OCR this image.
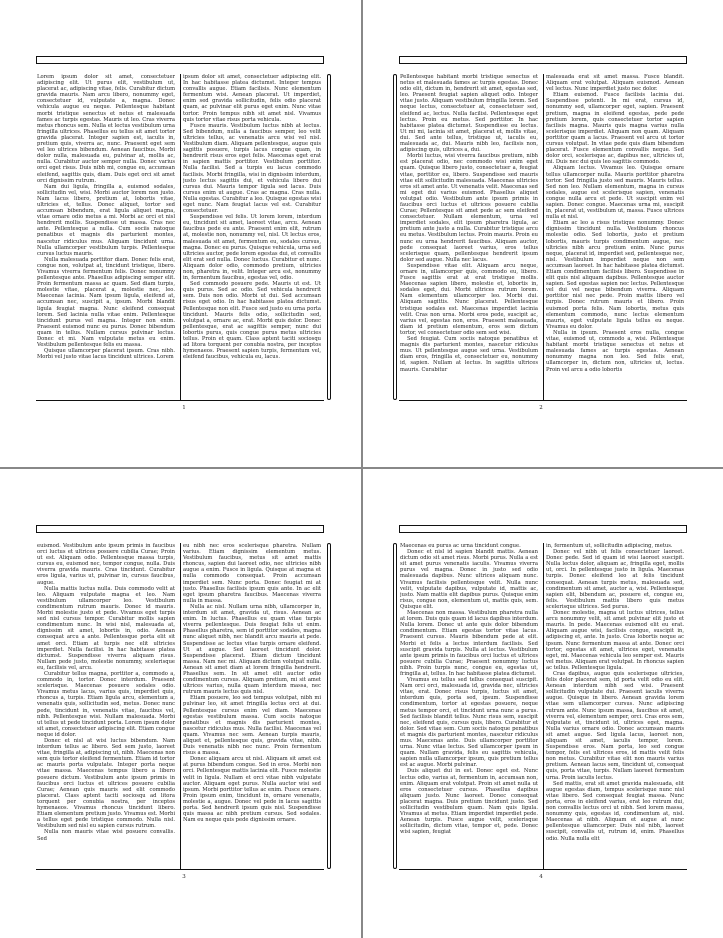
Lorem ipsum dolor sit amet, consectetuer adipiscing elit. Ut purus elit, vestibulum ut, placerat ac, adipiscing vitae, felis. Curabitur dictum gravida mauris. Nam arcu libero, nonummy eget, consectetuer id, vulputate a, magna. Donec vehicula augue eu neque. Pellentesque habitant morbi tristique senectus et netus et malesuada fames ac turpis egestas. Mauris ut leo. Cras viverra metus rhoncus sem. Nulla et lectus vestibulum urna fringilla ultrices. Phasellus eu tellus sit amet tortor gravida placerat. Integer sapien est, iaculis in, pretium quis, viverra ac, nunc. Praesent eget sem vel leo ultrices bibendum. Aenean faucibus. Morbi dolor nulla, malesuada eu, pulvinar at, mollis ac, nulla. Curabitur auctor semper nulla. Donec varius orci eget risus. Duis nibh mi, congue eu, accumsan eleifend, sagittis quis, diam. Duis eget orci sit amet orci dignissim rutrum.

Nam dui ligula, fringilla a, euismod sodales, sollicitudin vel, wisi. Morbi auctor lorem non justo. Nam lacus libero, pretium at, lobortis vitae, ultricies et, tellus. Donec aliquet, tortor sed accumsan bibendum, erat ligula aliquet magna, vitae ornare odio metus a mi. Morbi ac orci et nisl hendrerit mollis. Suspendisse ut massa. Cras nec ante. Pellentesque a nulla. Cum sociis natoque penatibus et magnis dis parturient montes, nascetur ridiculus mus. Aliquam tincidunt urna. Nulla ullamcorper vestibulum turpis. Pellentesque cursus luctus mauris.

Nulla malesuada porttitor diam. Donec felis erat, congue non, volutpat at, tincidunt tristique, libero. Vivamus viverra fermentum felis. Donec nonummy pellentesque ante. Phasellus adipiscing semper elit. Proin fermentum massa ac quam. Sed diam turpis, molestie vitae, placerat a, molestie nec, leo. Maecenas lacinia. Nam ipsum ligula, eleifend at, accumsan nec, suscipit a, ipsum. Morbi blandit ligula feugiat magna. Nunc eleifend consequat lorem. Sed lacinia nulla vitae enim. Pellentesque tincidunt purus vel magna. Integer non enim. Praesent euismod nunc eu purus. Donec bibendum quam in tellus. Nullam cursus pulvinar lectus. Donec et mi. Nam vulputate metus eu enim. Vestibulum pellentesque felis eu massa.

Quisque ullamcorper placerat ipsum. Cras nibh. Morbi vel justo vitae lacus tincidunt ultrices. Lorem

ipsum dolor sit amet, consectetuer adipiscing elit. In hac habitasse platea dictumst. Integer tempus convallis augue. Etiam facilisis. Nunc elementum fermentum wisi. Aenean placerat. Ut imperdiet, enim sed gravida sollicitudin, felis odio placerat quam, ac pulvinar elit purus eget enim. Nunc vitae tortor. Proin tempus nibh sit amet nisl. Vivamus quis tortor vitae risus porta vehicula.

Fusce mauris. Vestibulum luctus nibh at lectus. Sed bibendum, nulla a faucibus semper, leo velit ultricies tellus, ac venenatis arcu wisi vel nisl. Vestibulum diam. Aliquam pellentesque, augue quis sagittis posuere, turpis lacus congue quam, in hendrerit risus eros eget felis. Maecenas eget erat in sapien mattis porttitor. Vestibulum porttitor. Nulla facilisi. Sed a turpis eu lacus commodo facilisis. Morbi fringilla, wisi in dignissim interdum, justo lectus sagittis dui, et vehicula libero dui cursus dui. Mauris tempor ligula sed lacus. Duis cursus enim ut augue. Cras ac magna. Cras nulla. Nulla egestas. Curabitur a leo. Quisque egestas wisi eget nunc. Nam feugiat lacus vel est. Curabitur consectetuer.

Suspendisse vel felis. Ut lorem lorem, interdum eu, tincidunt sit amet, laoreet vitae, arcu. Aenean faucibus pede eu ante. Praesent enim elit, rutrum at, molestie non, nonummy vel, nisl. Ut lectus eros, malesuada sit amet, fermentum eu, sodales cursus, magna. Donec eu purus. Quisque vehicula, urna sed ultricies auctor, pede lorem egestas dui, et convallis elit erat sed nulla. Donec luctus. Curabitur et nunc. Aliquam dolor odio, commodo pretium, ultricies non, pharetra in, velit. Integer arcu est, nonummy in, fermentum faucibus, egestas vel, odio.

Sed commodo posuere pede. Mauris ut est. Ut quis purus. Sed ac odio. Sed vehicula hendrerit sem. Duis non odio. Morbi ut dui. Sed accumsan risus eget odio. In hac habitasse platea dictumst. Pellentesque non elit. Fusce sed justo eu urna porta tincidunt. Mauris felis odio, sollicitudin sed, volutpat a, ornare ac, erat. Morbi quis dolor. Donec pellentesque, erat ac sagittis semper, nunc dui lobortis purus, quis congue purus metus ultricies tellus. Proin et quam. Class aptent taciti sociosqu ad litora torquent per conubia nostra, per inceptos hymenaeos. Praesent sapien turpis, fermentum vel, eleifend faucibus, vehicula eu, lacus.

1

Pellentesque habitant morbi tristique senectus et netus et malesuada fames ac turpis egestas. Donec odio elit, dictum in, hendrerit sit amet, egestas sed, leo. Praesent feugiat sapien aliquet odio. Integer vitae justo. Aliquam vestibulum fringilla lorem. Sed neque lectus, consectetuer at, consectetuer sed, eleifend ac, lectus. Nulla facilisi. Pellentesque eget lectus. Proin eu metus. Sed porttitor. In hac habitasse platea dictumst. Suspendisse eu lectus. Ut mi mi, lacinia sit amet, placerat et, mollis vitae, dui. Sed ante tellus, tristique ut, iaculis eu, malesuada ac, dui. Mauris nibh leo, facilisis non, adipiscing quis, ultrices a, dui.

Morbi luctus, wisi viverra faucibus pretium, nibh est placerat odio, nec commodo wisi enim eget quam. Quisque libero justo, consectetuer a, feugiat vitae, porttitor eu, libero. Suspendisse sed mauris vitae elit sollicitudin malesuada. Maecenas ultricies eros sit amet ante. Ut venenatis velit. Maecenas sed mi eget dui varius euismod. Phasellus aliquet volutpat odio. Vestibulum ante ipsum primis in faucibus orci luctus et ultrices posuere cubilia Curae; Pellentesque sit amet pede ac sem eleifend consectetuer. Nullam elementum, urna vel imperdiet sodales, elit ipsum pharetra ligula, ac pretium ante justo a nulla. Curabitur tristique arcu eu metus. Vestibulum lectus. Proin mauris. Proin eu nunc eu urna hendrerit faucibus. Aliquam auctor, pede consequat laoreet varius, eros tellus scelerisque quam, pellentesque hendrerit ipsum dolor sed augue. Nulla nec lacus.

Suspendisse vitae elit. Aliquam arcu neque, ornare in, ullamcorper quis, commodo eu, libero. Fusce sagittis erat at erat tristique mollis. Maecenas sapien libero, molestie et, lobortis in, sodales eget, dui. Morbi ultrices rutrum lorem. Nam elementum ullamcorper leo. Morbi dui. Aliquam sagittis. Nunc placerat. Pellentesque tristique sodales est. Maecenas imperdiet lacinia velit. Cras non urna. Morbi eros pede, suscipit ac, varius vel, egestas non, eros. Praesent malesuada, diam id pretium elementum, eros sem dictum tortor, vel consectetuer odio sem sed wisi.

Sed feugiat. Cum sociis natoque penatibus et magnis dis parturient montes, nascetur ridiculus mus. Ut pellentesque augue sed urna. Vestibulum diam eros, fringilla et, consectetuer eu, nonummy id, sapien. Nullam at lectus. In sagittis ultrices mauris. Curabitur

malesuada erat sit amet massa. Fusce blandit. Aliquam erat volutpat. Aliquam euismod. Aenean vel lectus. Nunc imperdiet justo nec dolor.

Etiam euismod. Fusce facilisis lacinia dui. Suspendisse potenti. In mi erat, cursus id, nonummy sed, ullamcorper eget, sapien. Praesent pretium, magna in eleifend egestas, pede pede pretium lorem, quis consectetuer tortor sapien facilisis magna. Mauris quis magna varius nulla scelerisque imperdiet. Aliquam non quam. Aliquam porttitor quam a lacus. Praesent vel arcu ut tortor cursus volutpat. In vitae pede quis diam bibendum placerat. Fusce elementum convallis neque. Sed dolor orci, scelerisque ac, dapibus nec, ultricies ut, mi. Duis nec dui quis leo sagittis commodo.

Aliquam lectus. Vivamus leo. Quisque ornare tellus ullamcorper nulla. Mauris porttitor pharetra tortor. Sed fringilla justo sed mauris. Mauris tellus. Sed non leo. Nullam elementum, magna in cursus sodales, augue est scelerisque sapien, venenatis congue nulla arcu et pede. Ut suscipit enim vel sapien. Donec congue. Maecenas urna mi, suscipit in, placerat ut, vestibulum ut, massa. Fusce ultrices nulla et nisl.

Etiam ac leo a risus tristique nonummy. Donec dignissim tincidunt nulla. Vestibulum rhoncus molestie odio. Sed lobortis, justo et pretium lobortis, mauris turpis condimentum augue, nec ultricies nibh arcu pretium enim. Nunc purus neque, placerat id, imperdiet sed, pellentesque nec, nisl. Vestibulum imperdiet neque non sem accumsan laoreet. In hac habitasse platea dictumst. Etiam condimentum facilisis libero. Suspendisse in elit quis nisl aliquam dapibus. Pellentesque auctor sapien. Sed egestas sapien nec lectus. Pellentesque vel dui vel neque bibendum viverra. Aliquam porttitor nisl nec pede. Proin mattis libero vel turpis. Donec rutrum mauris et libero. Proin euismod porta felis. Nam lobortis, metus quis elementum commodo, nunc lectus elementum mauris, eget vulputate ligula tellus eu neque. Vivamus eu dolor.

Nulla in ipsum. Praesent eros nulla, congue vitae, euismod ut, commodo a, wisi. Pellentesque habitant morbi tristique senectus et netus et malesuada fames ac turpis egestas. Aenean nonummy magna non leo. Sed felis erat, ullamcorper in, dictum non, ultricies ut, lectus. Proin vel arcu a odio lobortis

2

euismod. Vestibulum ante ipsum primis in faucibus orci luctus et ultrices posuere cubilia Curae; Proin ut est. Aliquam odio. Pellentesque massa turpis, cursus eu, euismod nec, tempor congue, nulla. Duis viverra gravida mauris. Cras tincidunt. Curabitur eros ligula, varius ut, pulvinar in, cursus faucibus, augue.

Nulla mattis luctus nulla. Duis commodo velit at leo. Aliquam vulputate magna et leo. Nam vestibulum ullamcorper leo. Vestibulum condimentum rutrum mauris. Donec id mauris. Morbi molestie justo et pede. Vivamus eget turpis sed nisl cursus tempor. Curabitur mollis sapien condimentum nunc. In wisi nisl, malesuada at, dignissim sit amet, lobortis in, odio. Aenean consequat arcu a ante. Pellentesque porta elit sit amet orci. Etiam at turpis nec elit ultricies imperdiet. Nulla facilisi. In hac habitasse platea dictumst. Suspendisse viverra aliquam risus. Nullam pede justo, molestie nonummy, scelerisque eu, facilisis vel, arcu.

Curabitur tellus magna, porttitor a, commodo a, commodo in, tortor. Donec interdum. Praesent scelerisque. Maecenas posuere sodales odio. Vivamus metus lacus, varius quis, imperdiet quis, rhoncus a, turpis. Etiam ligula arcu, elementum a, venenatis quis, sollicitudin sed, metus. Donec nunc pede, tincidunt in, venenatis vitae, faucibus vel, nibh. Pellentesque wisi. Nullam malesuada. Morbi ut tellus ut pede tincidunt porta. Lorem ipsum dolor sit amet, consectetuer adipiscing elit. Etiam congue neque id dolor.

Donec et nisl at wisi luctus bibendum. Nam interdum tellus ac libero. Sed sem justo, laoreet vitae, fringilla at, adipiscing ut, nibh. Maecenas non sem quis tortor eleifend fermentum. Etiam id tortor ac mauris porta vulputate. Integer porta neque vitae massa. Maecenas tempus libero a libero posuere dictum. Vestibulum ante ipsum primis in faucibus orci luctus et ultrices posuere cubilia Curae; Aenean quis mauris sed elit commodo placerat. Class aptent taciti sociosqu ad litora torquent per conubia nostra, per inceptos hymenaeos. Vivamus rhoncus tincidunt libero. Etiam elementum pretium justo. Vivamus est. Morbi a tellus eget pede tristique commodo. Nulla nisl. Vestibulum sed nisl eu sapien cursus rutrum.

Nulla non mauris vitae wisi posuere convallis. Sed

eu nibh nec eros scelerisque pharetra. Nullam varius. Etiam dignissim elementum metus. Vestibulum faucibus, metus sit amet mattis rhoncus, sapien dui laoreet odio, nec ultricies nibh augue a enim. Fusce in ligula. Quisque at magna et nulla commodo consequat. Proin accumsan imperdiet sem. Nunc porta. Donec feugiat mi at justo. Phasellus facilisis ipsum quis ante. In ac elit eget ipsum pharetra faucibus. Maecenas viverra nulla in massa.

Nulla ac nisl. Nullam urna nibh, ullamcorper in, interdum sit amet, gravida ut, risus. Aenean ac enim. In luctus. Phasellus eu quam vitae turpis viverra pellentesque. Duis feugiat felis ut enim. Phasellus pharetra, sem id porttitor sodales, magna nunc aliquet nibh, nec blandit arcu mauris at pede. Suspendisse ac lectus vitae turpis ornare eleifend. Ut at augue. Sed laoreet tincidunt dolor. Suspendisse placerat. Etiam dictum tincidunt massa. Nam nec mi. Aliquam dictum volutpat nulla. Aenean sit amet diam at lorem fringilla hendrerit. Phasellus sem. In sit amet elit auctor odio condimentum cursus. Aliquam pretium, mi sit amet ultrices varius, nulla quam interdum massa, nec rutrum mauris lectus quis nisl.

Etiam posuere, leo sed tempus volutpat, nibh mi pulvinar leo, sit amet fringilla lectus orci at dui. Pellentesque cursus enim vel diam. Maecenas egestas vestibulum massa. Cum sociis natoque penatibus et magnis dis parturient montes, nascetur ridiculus mus. Nulla facilisi. Maecenas vel quam. Vivamus nec sem. Aenean turpis mauris, aliquet et, pellentesque quis, gravida vitae, nibh. Duis venenatis nibh nec nunc. Proin fermentum risus a massa.

Donec aliquam arcu ut nisl. Aliquam sit amet est at purus bibendum congue. Sed in eros. Morbi non orci. Pellentesque mattis lacinia elit. Fusce molestie velit in ligula. Nullam et orci vitae nibh vulputate auctor. Aliquam eget purus. Nulla auctor wisi sed ipsum. Morbi porttitor tellus ac enim. Fusce ornare. Proin ipsum enim, tincidunt in, ornare venenatis, molestie a, augue. Donec vel pede in lacus sagittis porta. Sed hendrerit ipsum quis nisl. Suspendisse quis massa ac nibh pretium cursus. Sed sodales. Nam eu neque quis pede dignissim ornare.

3

Maecenas eu purus ac urna tincidunt congue.

Donec et nisl id sapien blandit mattis. Aenean dictum odio sit amet risus. Morbi purus. Nulla a est sit amet purus venenatis iaculis. Vivamus viverra purus vel magna. Donec in justo sed odio malesuada dapibus. Nunc ultrices aliquam nunc. Vivamus facilisis pellentesque velit. Nulla nunc velit, vulputate dapibus, vulputate id, mattis ac, justo. Nam mattis elit dapibus purus. Quisque enim risus, congue non, elementum ut, mattis quis, sem. Quisque elit.

Maecenas non massa. Vestibulum pharetra nulla at lorem. Duis quis quam id lacus dapibus interdum. Nulla lorem. Donec ut ante quis dolor bibendum condimentum. Etiam egestas tortor vitae lacus. Praesent cursus. Mauris bibendum pede at elit. Morbi et felis a lectus interdum facilisis. Sed suscipit gravida turpis. Nulla at lectus. Vestibulum ante ipsum primis in faucibus orci luctus et ultrices posuere cubilia Curae; Praesent nonummy luctus nibh. Proin turpis nunc, congue eu, egestas ut, fringilla at, tellus. In hac habitasse platea dictumst.

Vivamus eu tellus sed tellus consequat suscipit. Nam orci orci, malesuada id, gravida nec, ultricies vitae, erat. Donec risus turpis, luctus sit amet, interdum quis, porta sed, ipsum. Suspendisse condimentum, tortor at egestas posuere, neque metus tempor orci, et tincidunt urna nunc a purus. Sed facilisis blandit tellus. Nunc risus sem, suscipit nec, eleifend quis, cursus quis, libero. Curabitur et dolor. Sed vitae sem. Cum sociis natoque penatibus et magnis dis parturient montes, nascetur ridiculus mus. Maecenas ante. Duis ullamcorper porttitor urna. Nunc vitae lectus. Sed ullamcorper ipsum in quam. Nullam gravida, felis eu sagittis vehicula, sapien nulla ullamcorper ipsum, quis pretium tellus est ac augue. Morbi pulvinar.

Duis aliquet dui in est. Donec eget est. Nunc lectus odio, varius at, fermentum in, accumsan non, enim. Aliquam erat volutpat. Proin sit amet nulla ut eros consectetuer cursus. Phasellus dapibus aliquam justo. Nunc laoreet. Donec consequat placerat magna. Duis pretium tincidunt justo. Sed sollicitudin vestibulum quam. Nam quis ligula. Vivamus at metus. Etiam imperdiet imperdiet pede. Aenean turpis. Fusce augue velit, scelerisque sollicitudin, dictum vitae, tempor et, pede. Donec wisi sapien, feugiat

in, fermentum ut, sollicitudin adipiscing, metus.

Donec vel nibh ut felis consectetuer laoreet. Donec pede. Sed id quam id wisi laoreet suscipit. Nulla lectus dolor, aliquam ac, fringilla eget, mollis ut, orci. In pellentesque justo in ligula. Maecenas turpis. Donec eleifend leo at felis tincidunt consequat. Aenean turpis metus, malesuada sed, condimentum sit amet, auctor a, wisi. Pellentesque sapien elit, bibendum ac, posuere et, congue eu, felis. Vestibulum mattis libero quis metus scelerisque ultrices. Sed purus.

Donec molestie, magna ut luctus ultrices, tellus arcu nonummy velit, sit amet pulvinar elit justo et mauris. In pede. Maecenas euismod elit eu erat. Aliquam augue wisi, facilisis congue, suscipit in, adipiscing et, ante. In justo. Cras lobortis neque ac ipsum. Nunc fermentum massa at ante. Donec orci tortor, egestas sit amet, ultrices eget, venenatis eget, mi. Maecenas vehicula leo semper est. Mauris vel metus. Aliquam erat volutpat. In rhoncus sapien ac tellus. Pellentesque ligula.

Cras dapibus, augue quis scelerisque ultricies, felis dolor placerat sem, id porta velit odio eu elit. Aenean interdum nibh sed wisi. Praesent sollicitudin vulputate dui. Praesent iaculis viverra augue. Quisque in libero. Aenean gravida lorem vitae sem ullamcorper cursus. Nunc adipiscing rutrum ante. Nunc ipsum massa, faucibus sit amet, viverra vel, elementum semper, orci. Cras eros sem, vulputate et, tincidunt id, ultrices eget, magna. Nulla varius ornare odio. Donec accumsan mauris sit amet augue. Sed ligula lacus, laoreet non, aliquam sit amet, iaculis tempor, lorem. Suspendisse eros. Nam porta, leo sed congue tempor, felis est ultrices eros, id mattis velit felis non metus. Curabitur vitae elit non mauris varius pretium. Aenean lacus sem, tincidunt ut, consequat quis, porta vitae, turpis. Nullam laoreet fermentum urna. Proin iaculis lectus.

Sed mattis, erat sit amet gravida malesuada, elit augue egestas diam, tempus scelerisque nunc nisl vitae libero. Sed consequat feugiat massa. Nunc porta, eros in eleifend varius, erat leo rutrum dui, non convallis lectus orci ut nibh. Sed lorem massa, nonummy quis, egestas id, condimentum at, nisl. Maecenas at nibh. Aliquam et augue at nunc pellentesque ullamcorper. Duis nisl nibh, laoreet suscipit, convallis ut, rutrum id, enim. Phasellus odio. Nulla nulla elit

4
